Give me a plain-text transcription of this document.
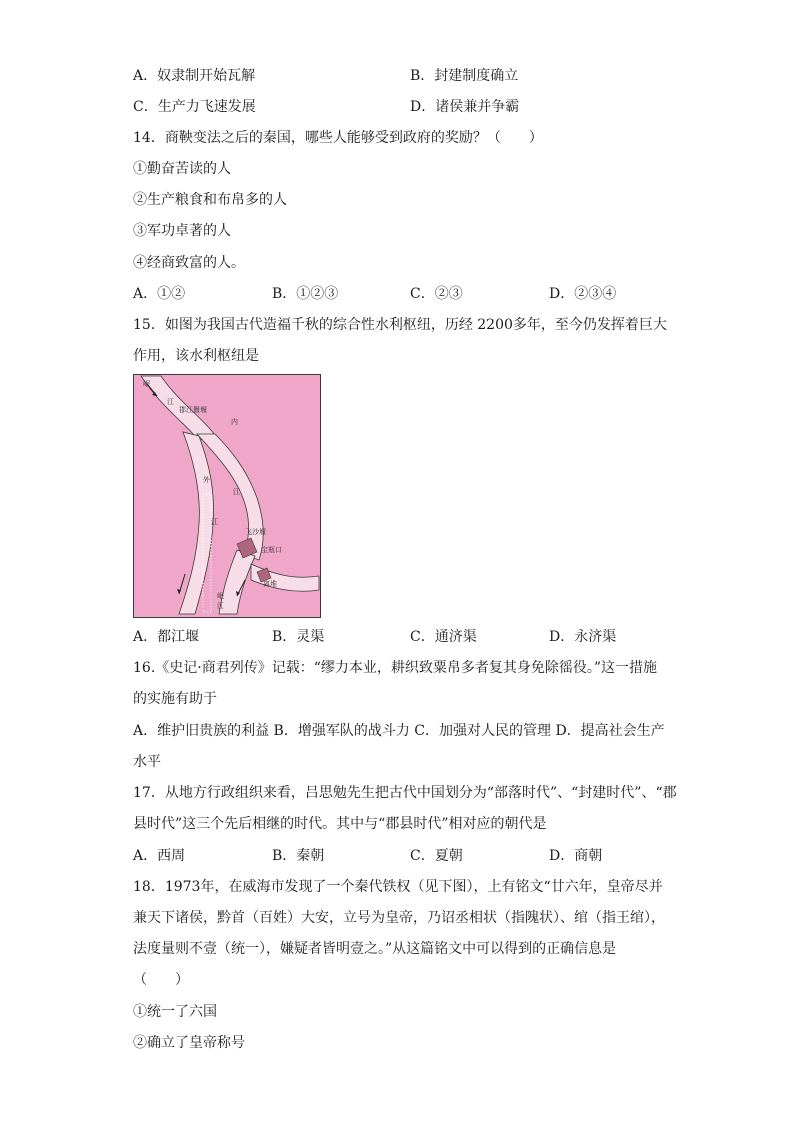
A．奴隶制开始瓦解	B．封建制度确立
C．生产力飞速发展	D．诸侯兼并争霸
14．商鞅变法之后的秦国，哪些人能够受到政府的奖励？（　　）
①勤奋苦读的人
②生产粮食和布帛多的人
③军功卓著的人
④经商致富的人。
A．①②	B．①②③	C．②③	D．②③④
15．如图为我国古代造福千秋的综合性水利枢纽，历经 2200多年，至今仍发挥着巨大
作用，该水利枢纽是
岷
江
郡江偃堰
内
外
江
江
飞沙堰
宝瓶口
离堆
岷
江
A．都江堰	B．灵渠	C．通济渠	D．永济渠
16.《史记·商君列传》记载：“缪力本业，耕织致粟帛多者复其身免除徭役。”这一措施
的实施有助于
A．维护旧贵族的利益 B．增强军队的战斗力 C．加强对人民的管理 D．提高社会生产
水平
17．从地方行政组织来看，吕思勉先生把古代中国划分为“部落时代”、“封建时代”、“郡
县时代”这三个先后相继的时代。其中与“郡县时代”相对应的朝代是
A．西周	B．秦朝	C．夏朝	D．商朝
18．1973年，在威海市发现了一个秦代铁权（见下图），上有铭文“廿六年，皇帝尽并
兼天下诸侯，黔首（百姓）大安，立号为皇帝，乃诏丞相状（指隗状）、绾（指王绾），
法度量则不壹（统一），嫌疑者皆明壹之。”从这篇铭文中可以得到的正确信息是
（　　）
①统一了六国
②确立了皇帝称号
